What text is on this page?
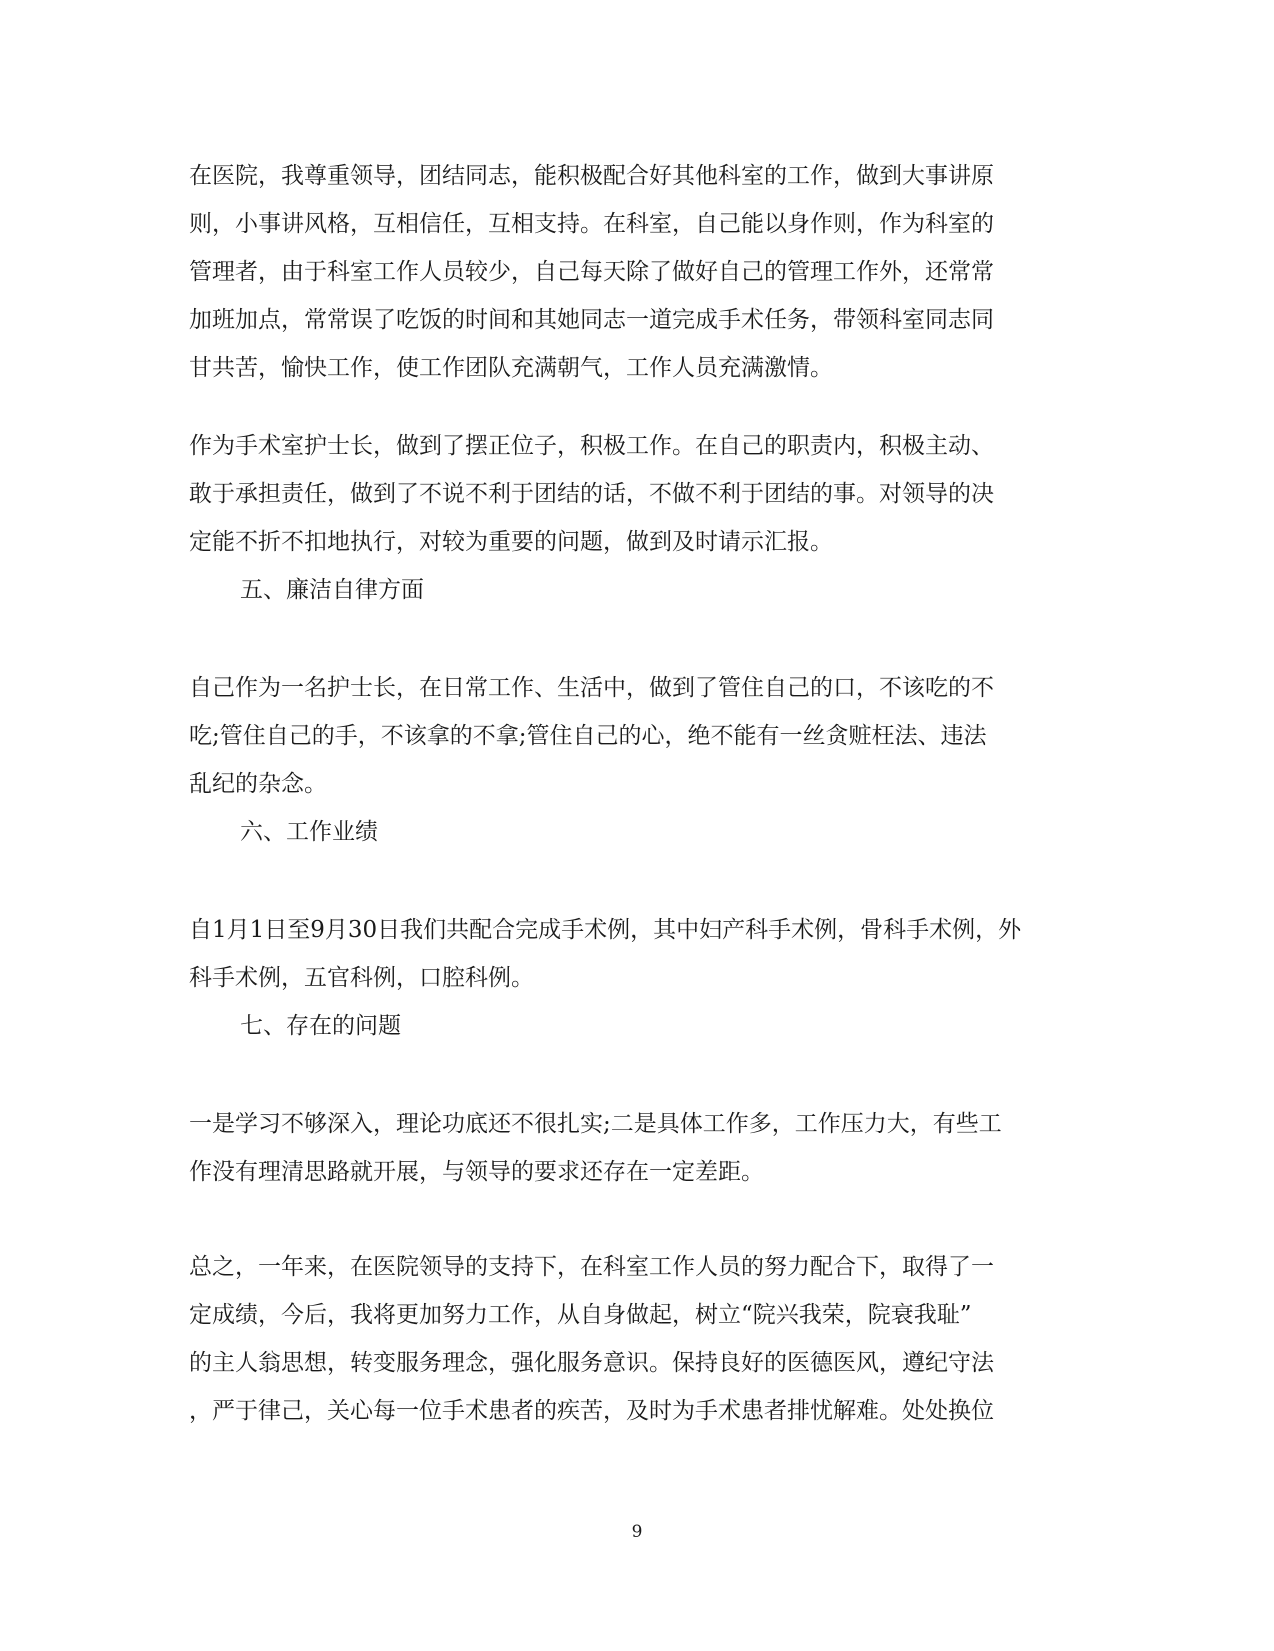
在医院，我尊重领导，团结同志，能积极配合好其他科室的工作，做到大事讲原
则，小事讲风格，互相信任，互相支持。在科室，自己能以身作则，作为科室的
管理者，由于科室工作人员较少，自己每天除了做好自己的管理工作外，还常常
加班加点，常常误了吃饭的时间和其她同志一道完成手术任务，带领科室同志同
甘共苦，愉快工作，使工作团队充满朝气，工作人员充满激情。
作为手术室护士长，做到了摆正位子，积极工作。在自己的职责内，积极主动、
敢于承担责任，做到了不说不利于团结的话，不做不利于团结的事。对领导的决
定能不折不扣地执行，对较为重要的问题，做到及时请示汇报。
五、廉洁自律方面
自己作为一名护士长，在日常工作、生活中，做到了管住自己的口，不该吃的不
吃;管住自己的手，不该拿的不拿;管住自己的心，绝不能有一丝贪赃枉法、违法
乱纪的杂念。
六、工作业绩
自1月1日至9月30日我们共配合完成手术例，其中妇产科手术例，骨科手术例，外
科手术例，五官科例，口腔科例。
七、存在的问题
一是学习不够深入，理论功底还不很扎实;二是具体工作多，工作压力大，有些工
作没有理清思路就开展，与领导的要求还存在一定差距。
总之，一年来，在医院领导的支持下，在科室工作人员的努力配合下，取得了一
定成绩，今后，我将更加努力工作，从自身做起，树立“院兴我荣，院衰我耻”
的主人翁思想，转变服务理念，强化服务意识。保持良好的医德医风，遵纪守法
，严于律己，关心每一位手术患者的疾苦，及时为手术患者排忧解难。处处换位
9
